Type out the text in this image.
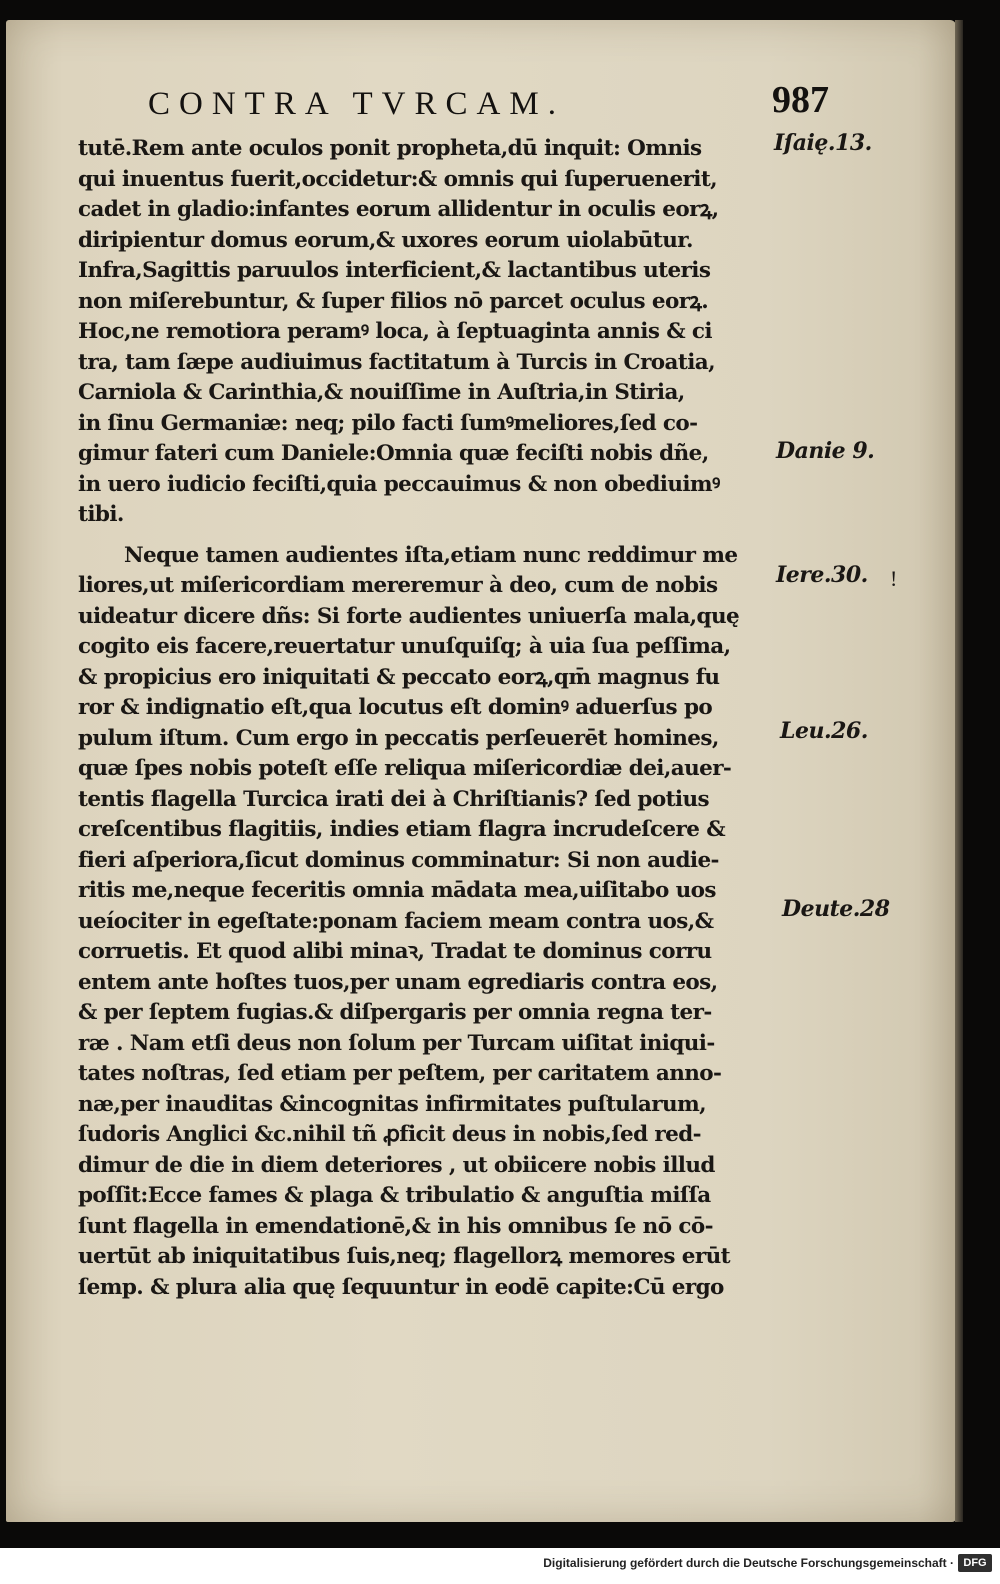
CONTRA TVRCAM.	987
tutē.Rem ante oculos ponit propheta,dū inquit: Omnis
qui inuentus fuerit,occidetur:& omnis qui ſuperuenerit,
cadet in gladio:infantes eorum allidentur in oculis eorꝝ,
diripientur domus eorum,& uxores eorum uiolabūtur.
Infra,Sagittis paruulos interficient,& lactantibus uteris
non miſerebuntur, & ſuper filios nō parcet oculus eorꝝ.
Hoc,ne remotiora peramꝰ loca, à ſeptuaginta annis & ci
tra, tam ſæpe audiuimus factitatum à Turcis in Croatia,
Carniola & Carinthia,& nouiſſime in Auſtria,in Stiria,
in ſinu Germaniæ: neq; pilo facti ſumꝰmeliores,ſed co-
gimur fateri cum Daniele:Omnia quæ feciſti nobis dñe,
in uero iudicio feciſti,quia peccauimus & non obediuimꝰ
tibi.
Neque tamen audientes iſta,etiam nunc reddimur me
liores,ut miſericordiam mereremur à deo, cum de nobis
uideatur dicere dñs: Si forte audientes uniuerſa mala,quę
cogito eis facere,reuertatur unuſquiſq; à uia ſua peſſima,
& propicius ero iniquitati & peccato eorꝝ,qm̄ magnus fu
ror & indignatio eſt,qua locutus eſt dominꝰ aduerſus po
pulum iſtum. Cum ergo in peccatis perſeuerēt homines,
quæ ſpes nobis poteſt eſſe reliqua miſericordiæ dei,auer-
tentis flagella Turcica irati dei à Chriſtianis? ſed potius
creſcentibus flagitiis, indies etiam flagra incrudeſcere &
fieri aſperiora,ſicut dominus comminatur: Si non audie-
ritis me,neque feceritis omnia mādata mea,uiſitabo uos
ueíociter in egeſtate:ponam faciem meam contra uos,&
corruetis. Et quod alibi minaꝛ, Tradat te dominus corru
entem ante hoſtes tuos,per unam egrediaris contra eos,
& per ſeptem fugias.& diſpergaris per omnia regna ter-
ræ . Nam etſi deus non ſolum per Turcam uiſitat iniqui-
tates noſtras, ſed etiam per peſtem, per caritatem anno-
næ,per inauditas &incognitas infirmitates puſtularum,
ſudoris Anglici &c.nihil tñ ꝓficit deus in nobis,ſed red-
dimur de die in diem deteriores , ut obiicere nobis illud
poſſit:Ecce fames & plaga & tribulatio & anguſtia miſſa
ſunt flagella in emendationē,& in his omnibus ſe nō cō-
uertūt ab iniquitatibus ſuis,neq; flagellorꝝ memores erūt
ſemp. & plura alia quę ſequuntur in eodē capite:Cū ergo
Iſaię.13.
Danie 9.
Iere.30.
Leu.26.
Deute.28
!
Digitalisierung gefördert durch die Deutsche Forschungsgemeinschaft · DFG
